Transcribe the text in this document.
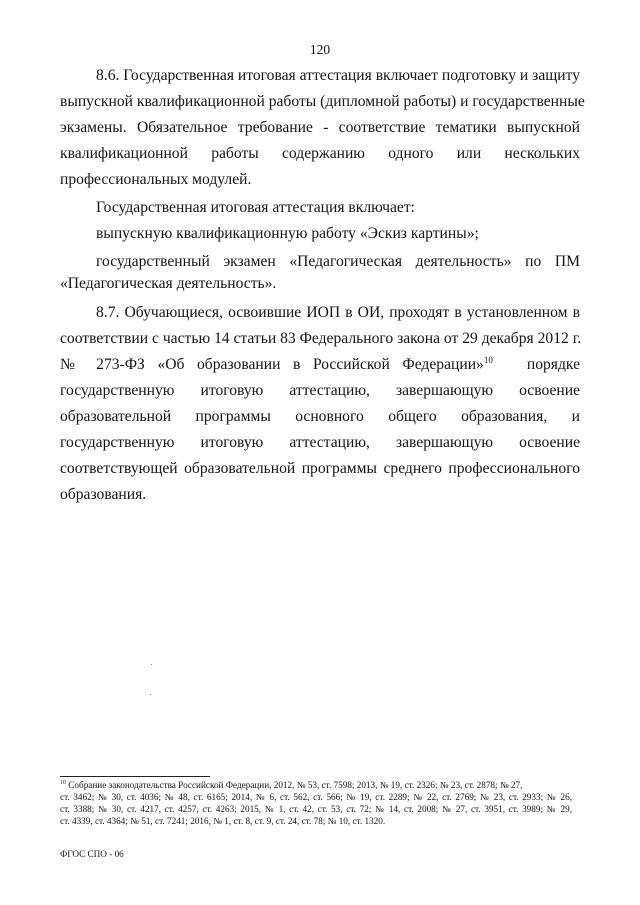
120
8.6. Государственная итоговая аттестация включает подготовку и защиту
выпускной квалификационной работы (дипломной работы) и государственные
экзамены. Обязательное требование - соответствие тематики выпускной
квалификационной работы содержанию одного или нескольких
профессиональных модулей.
Государственная итоговая аттестация включает:
выпускную квалификационную работу «Эскиз картины»;
государственный экзамен «Педагогическая деятельность» по ПМ
«Педагогическая деятельность».
8.7. Обучающиеся, освоившие ИОП в ОИ, проходят в установленном в
соответствии с частью 14 статьи 83 Федерального закона от 29 декабря 2012 г.
№ 273-ФЗ «Об образовании в Российской Федерации»$^{10}$	порядке
государственную итоговую аттестацию, завершающую освоение
образовательной программы основного общего образования, и
государственную итоговую аттестацию, завершающую освоение
соответствующей образовательной программы среднего профессионального
образования.
$^{10}$ Собрание законодательства Российской Федерации, 2012, № 53, ст. 7598; 2013, № 19, ст. 2326; № 23, ст. 2878; № 27,
ст. 3462; № 30, ст. 4036; № 48, ст. 6165; 2014, № 6, ст. 562, ст. 566; № 19, ст. 2289; № 22, ст. 2769; № 23, ст. 2933; № 26,
ст. 3388; № 30, ст. 4217, ст. 4257, ст. 4263; 2015, № 1, ст. 42, ст. 53, ст. 72; № 14, ст. 2008; № 27, ст. 3951, ст. 3989; № 29,
ст. 4339, ст. 4364; № 51, ст. 7241; 2016, № 1, ст. 8, ст. 9, ст. 24, ст. 78; № 10, ст. 1320.
ФГОС СПО - 06
